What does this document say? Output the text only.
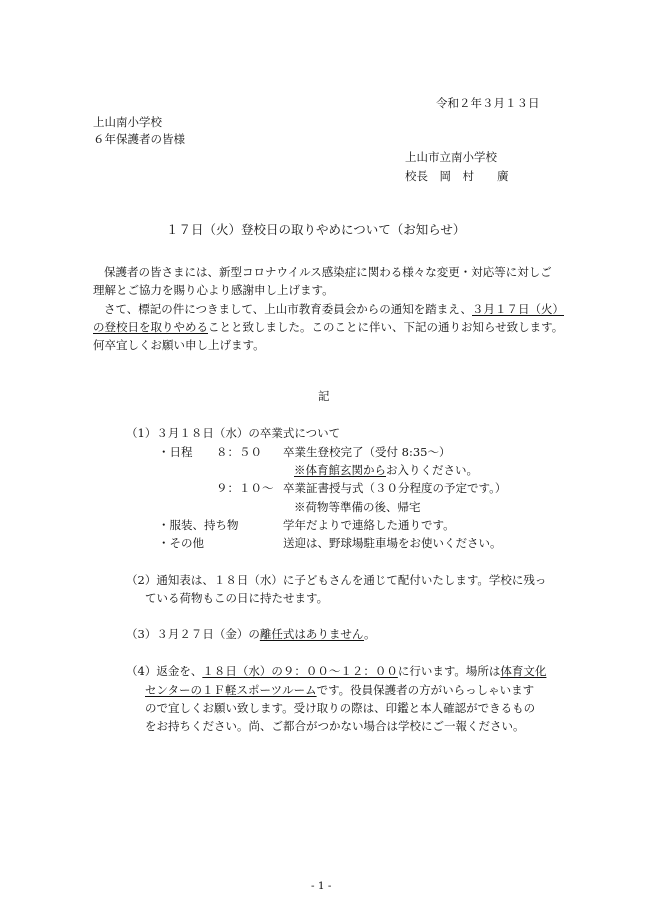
令和２年３月１３日
上山南小学校
６年保護者の皆様
上山市立南小学校
校長　岡　村　　廣
１７日（火）登校日の取りやめについて（お知らせ）
保護者の皆さまには、新型コロナウイルス感染症に関わる様々な変更・対応等に対しご
理解とご協力を賜り心より感謝申し上げます。
さて、標記の件につきまして、上山市教育委員会からの通知を踏まえ、３月１７日（火）
の登校日を取りやめることと致しました。このことに伴い、下記の通りお知らせ致します。
何卒宜しくお願い申し上げます。
記
（1）３月１８日（水）の卒業式について
・日程 ８：５０ 卒業生登校完了（受付 8:35～）
※体育館玄関からお入りください。
９：１０～ 卒業証書授与式（３０分程度の予定です。）
※荷物等準備の後、帰宅
・服装、持ち物	学年だよりで連絡した通りです。
・その他	送迎は、野球場駐車場をお使いください。
（2）通知表は、１８日（水）に子どもさんを通じて配付いたします。学校に残っ
ている荷物もこの日に持たせます。
（3）３月２７日（金）の離任式はありません。
（4）返金を、１８日（水）の９：００～１２：００に行います。場所は体育文化
センターの１Ｆ軽スポーツルームです。役員保護者の方がいらっしゃいます
ので宜しくお願い致します。受け取りの際は、印鑑と本人確認ができるもの
をお持ちください。尚、ご都合がつかない場合は学校にご一報ください。
- 1 -
